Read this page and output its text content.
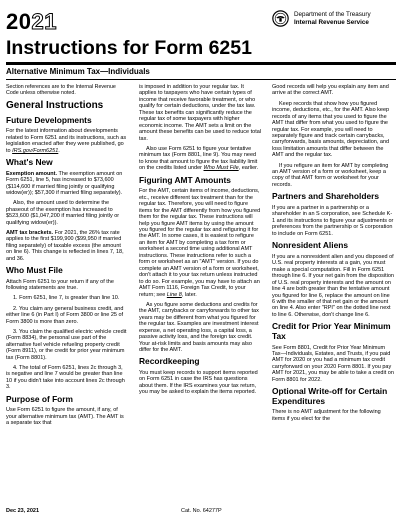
2021	Department of the Treasury
Internal Revenue Service
Instructions for Form 6251
Alternative Minimum Tax—Individuals

Section references are to the Internal Revenue Code unless otherwise noted.

General Instructions
Future Developments

For the latest information about developments related to Form 6251 and its instructions, such as legislation enacted after they were published, go to IRS.gov/Form6251.

What's New

Exemption amount. The exemption amount on Form 6251, line 5, has increased to $73,600 ($114,600 if married filing jointly or qualifying widow(er)); $57,300 if married filing separately).

Also, the amount used to determine the phaseout of the exemption has increased to $523,600 ($1,047,200 if married filing jointly or qualifying widow(er)).

AMT tax brackets. For 2021, the 26% tax rate applies to the first $199,900 ($99,950 if married filing separately) of taxable excess (the amount on line 6). This change is reflected in lines 7, 18, and 36.

Who Must File

Attach Form 6251 to your return if any of the following statements are true.

1. Form 6251, line 7, is greater than line 10.

2. You claim any general business credit, and either line 6 (in Part I) of Form 3800 or line 25 of Form 3800 is more than zero.

3. You claim the qualified electric vehicle credit (Form 8834), the personal use part of the alternative fuel vehicle refueling property credit (Form 8911), or the credit for prior year minimum tax (Form 8801).

4. The total of Form 6251, lines 2c through 3, is negative and line 7 would be greater than line 10 if you didn't take into account lines 2c through 3.

Purpose of Form

Use Form 6251 to figure the amount, if any, of your alternative minimum tax (AMT). The AMT is a separate tax that

is imposed in addition to your regular tax. It applies to taxpayers who have certain types of income that receive favorable treatment, or who qualify for certain deductions, under the tax law. These tax benefits can significantly reduce the regular tax of some taxpayers with higher economic income. The AMT sets a limit on the amount these benefits can be used to reduce total tax.

Also use Form 6251 to figure your tentative minimum tax (Form 8801, line 9). You may need to know that amount to figure the tax liability limit on the credits listed under Who Must File, earlier.

Figuring AMT Amounts

For the AMT, certain items of income, deductions, etc., receive different tax treatment than for the regular tax. Therefore, you will need to figure items for the AMT differently from how you figured them for the regular tax. These instructions will help you figure AMT items by using the amount you figured for the regular tax and refiguring it for the AMT. In some cases, it is easiest to refigure an item for AMT by completing a tax form or worksheet a second time using additional AMT instructions. These instructions refer to such a form or worksheet as an "AMT" version. If you do complete an AMT version of a form or worksheet, don't attach it to your tax return unless instructed to do so. For example, you may have to attach an AMT Form 1116, Foreign Tax Credit, to your return; see Line 8, later.

As you figure some deductions and credits for the AMT, carrybacks or carryforwards to other tax years may be different from what you figured for the regular tax. Examples are investment interest expense, a net operating loss, a capital loss, a passive activity loss, and the foreign tax credit. Your at-risk limits and basis amounts may also differ for the AMT.

Recordkeeping

You must keep records to support items reported on Form 6251 in case the IRS has questions about them. If the IRS examines your tax return, you may be asked to explain the items reported.

Good records will help you explain any item and arrive at the correct AMT.

Keep records that show how you figured income, deductions, etc., for the AMT. Also keep records of any items that you used to figure the AMT that differ from what you used to figure the regular tax. For example, you will need to separately figure and track certain carrybacks, carryforwards, basis amounts, depreciation, and loss limitation amounts that differ between the AMT and the regular tax.

If you refigure an item for AMT by completing an AMT version of a form or worksheet, keep a copy of that AMT form or worksheet for your records.

Partners and Shareholders

If you are a partner in a partnership or a shareholder in an S corporation, see Schedule K-1 and its instructions to figure your adjustments or preferences from the partnership or S corporation to include on Form 6251.

Nonresident Aliens

If you are a nonresident alien and you disposed of U.S. real property interests at a gain, you must make a special computation. Fill in Form 6251 through line 6. If your net gain from the disposition of U.S. real property interests and the amount on line 4 are both greater than the tentative amount you figured for line 6, replace the amount on line 6 with the smaller of that net gain or the amount on line 4. Also enter "RPI" on the dotted line next to line 6. Otherwise, don't change line 6.

Credit for Prior Year Minimum Tax

See Form 8801, Credit for Prior Year Minimum Tax—Individuals, Estates, and Trusts, if you paid AMT for 2020 or you had a minimum tax credit carryforward on your 2020 Form 8801. If you pay AMT for 2021, you may be able to take a credit on Form 8801 for 2022.

Optional Write-off for Certain Expenditures

There is no AMT adjustment for the following items if you elect for the

Dec 23, 2021	Cat. No. 64277P
